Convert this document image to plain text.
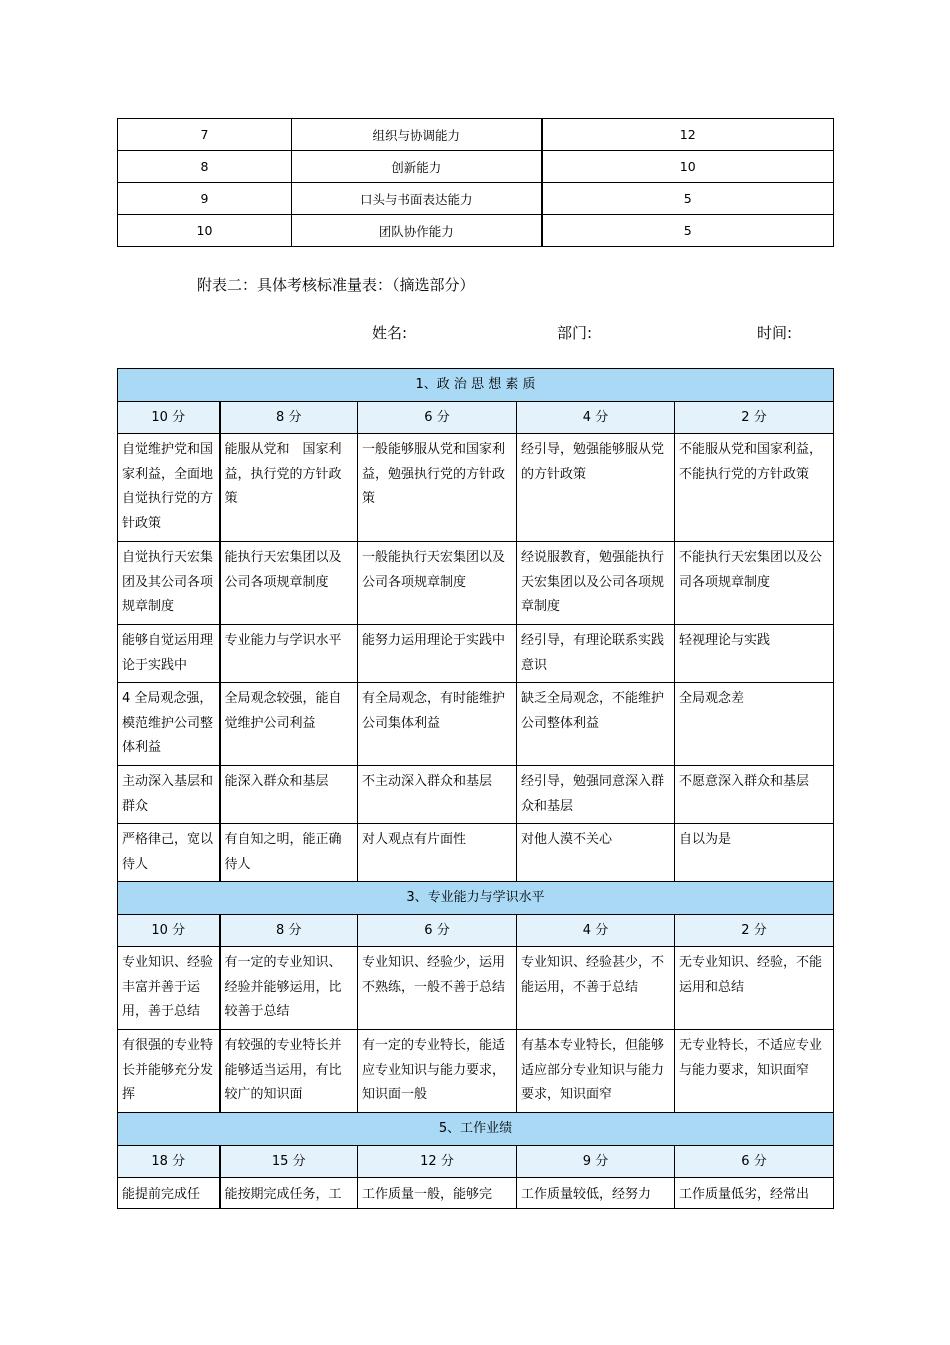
7	组织与协调能力	12
8	创新能力	10
9	口头与书面表达能力	5
10	团队协作能力	5

附表二：具体考核标准量表：（摘选部分）

姓名:	部门:	时间:
1、政 治 思 想 素 质				
10 分	8 分	6 分	4 分	2 分
自觉维护党和国家利益，全面地自觉执行党的方针政策	能服从党和　国家利益，执行党的方针政策	一般能够服从党和国家利益，勉强执行党的方针政策	经引导，勉强能够服从党的方针政策	不能服从党和国家利益，不能执行党的方针政策
自觉执行天宏集团及其公司各项规章制度	能执行天宏集团以及公司各项规章制度	一般能执行天宏集团以及公司各项规章制度	经说服教育，勉强能执行天宏集团以及公司各项规章制度	不能执行天宏集团以及公司各项规章制度
能够自觉运用理论于实践中	专业能力与学识水平	能努力运用理论于实践中	经引导，有理论联系实践意识	轻视理论与实践
4 全局观念强，模范维护公司整体利益	全局观念较强，能自觉维护公司利益	有全局观念，有时能维护公司集体利益	缺乏全局观念，不能维护公司整体利益	全局观念差
主动深入基层和群众	能深入群众和基层	不主动深入群众和基层	经引导，勉强同意深入群众和基层	不愿意深入群众和基层
严格律己，宽以待人	有自知之明，能正确待人	对人观点有片面性	对他人漠不关心	自以为是
3、专业能力与学识水平				
10 分	8 分	6 分	4 分	2 分
专业知识、经验丰富并善于运用，善于总结	有一定的专业知识、经验并能够运用，比较善于总结	专业知识、经验少，运用不熟练，一般不善于总结	专业知识、经验甚少，不能运用，不善于总结	无专业知识、经验，不能运用和总结
有很强的专业特长并能够充分发挥	有较强的专业特长并能够适当运用，有比较广的知识面	有一定的专业特长，能适应专业知识与能力要求，知识面一般	有基本专业特长，但能够适应部分专业知识与能力要求，知识面窄	无专业特长，不适应专业与能力要求，知识面窄
5、工作业绩				
18 分	15 分	12 分	9 分	6 分
能提前完成任	能按期完成任务，工	工作质量一般，能够完	工作质量较低，经努力	工作质量低劣，经常出
